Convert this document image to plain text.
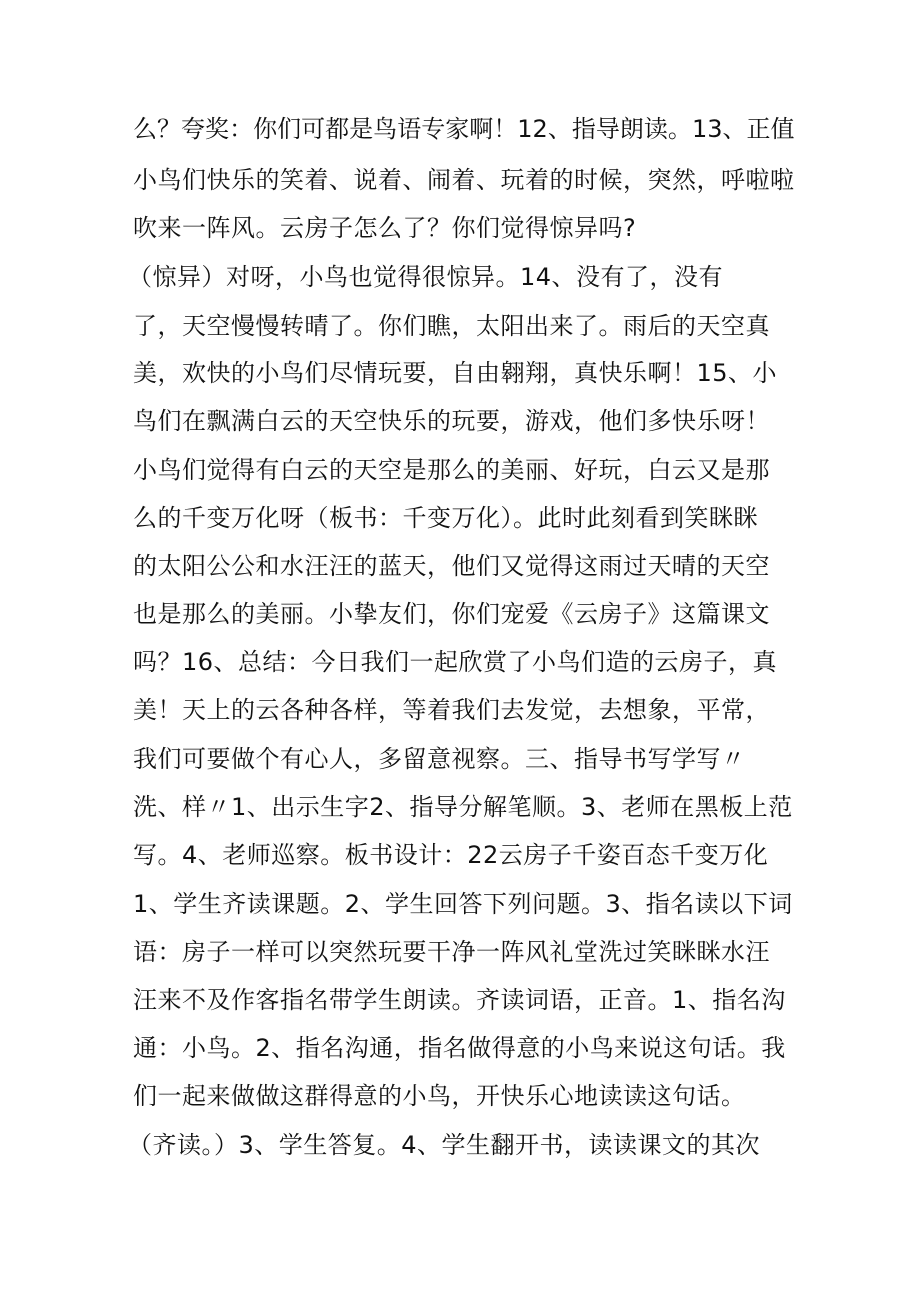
么？夸奖：你们可都是鸟语专家啊！12、指导朗读。13、正值
小鸟们快乐的笑着、说着、闹着、玩着的时候，突然，呼啦啦
吹来一阵风。云房子怎么了？你们觉得惊异吗?
（惊异）对呀，小鸟也觉得很惊异。14、没有了，没有
了，天空慢慢转晴了。你们瞧，太阳出来了。雨后的天空真
美，欢快的小鸟们尽情玩要，自由翱翔，真快乐啊！15、小
鸟们在飘满白云的天空快乐的玩要，游戏，他们多快乐呀！
小鸟们觉得有白云的天空是那么的美丽、好玩，白云又是那
么的千变万化呀（板书：千变万化）。此时此刻看到笑眯眯
的太阳公公和水汪汪的蓝天，他们又觉得这雨过天晴的天空
也是那么的美丽。小挚友们，你们宠爱《云房子》这篇课文
吗？16、总结：今日我们一起欣赏了小鸟们造的云房子，真
美！天上的云各种各样，等着我们去发觉，去想象，平常，
我们可要做个有心人，多留意视察。三、指导书写学写〃
洗、样〃1、出示生字2、指导分解笔顺。3、老师在黑板上范
写。4、老师巡察。板书设计：22云房子千姿百态千变万化
1、学生齐读课题。2、学生回答下列问题。3、指名读以下词
语：房子一样可以突然玩要干净一阵风礼堂洗过笑眯眯水汪
汪来不及作客指名带学生朗读。齐读词语，正音。1、指名沟
通：小鸟。2、指名沟通，指名做得意的小鸟来说这句话。我
们一起来做做这群得意的小鸟，开快乐心地读读这句话。
（齐读。）3、学生答复。4、学生翻开书，读读课文的其次
